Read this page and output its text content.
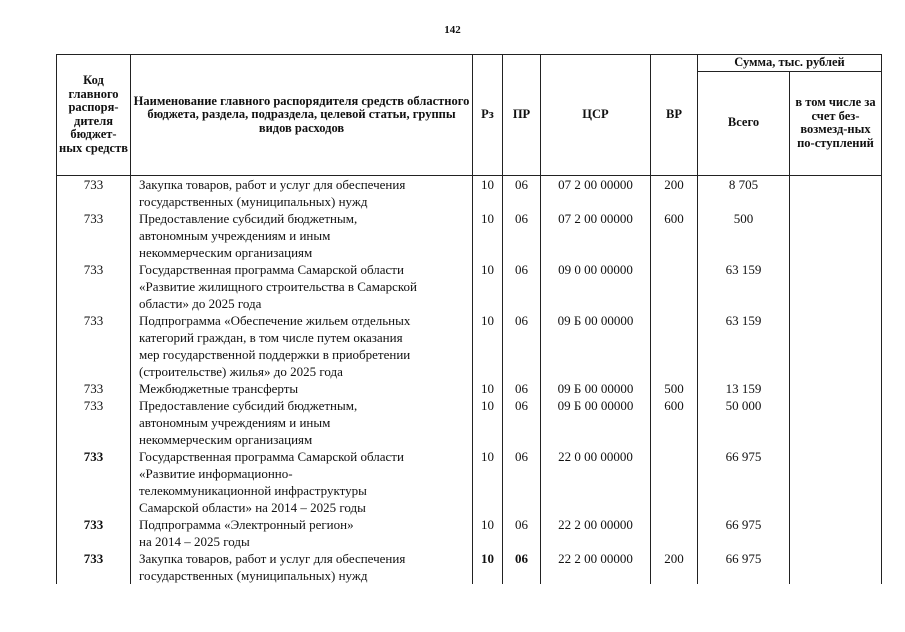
142
Код главного распоря-дителя бюджет-ных средств	Наименование главного распорядителя средств областного бюджета, раздела, подраздела, целевой статьи, группы видов расходов	Рз	ПР	ЦСР	ВР	Сумма, тыс. рублей	
						Всего	в том числе за счет без-возмезд-ных по-ступлений
733	Закупка товаров, работ и услуг для обеспечения
государственных (муниципальных) нужд	10	06	07 2 00 00000	200	8 705	
733	Предоставление субсидий бюджетным,
автономным учреждениям и иным
некоммерческим организациям	10	06	07 2 00 00000	600	500	
733	Государственная программа Самарской области
«Развитие жилищного строительства в Самарской
области» до 2025 года	10	06	09 0 00 00000		63 159	
733	Подпрограмма «Обеспечение жильем отдельных
категорий граждан, в том числе путем оказания
мер государственной поддержки в приобретении
(строительстве) жилья» до 2025 года	10	06	09 Б 00 00000		63 159	
733	Межбюджетные трансферты	10	06	09 Б 00 00000	500	13 159	
733	Предоставление субсидий бюджетным,
автономным учреждениям и иным
некоммерческим организациям	10	06	09 Б 00 00000	600	50 000	
733	Государственная программа Самарской области
«Развитие информационно-
телекоммуникационной инфраструктуры
Самарской области» на 2014 – 2025 годы	10	06	22 0 00 00000		66 975	
733	Подпрограмма «Электронный регион»
на 2014 – 2025 годы	10	06	22 2 00 00000		66 975	
733	Закупка товаров, работ и услуг для обеспечения
государственных (муниципальных) нужд	10	06	22 2 00 00000	200	66 975	
